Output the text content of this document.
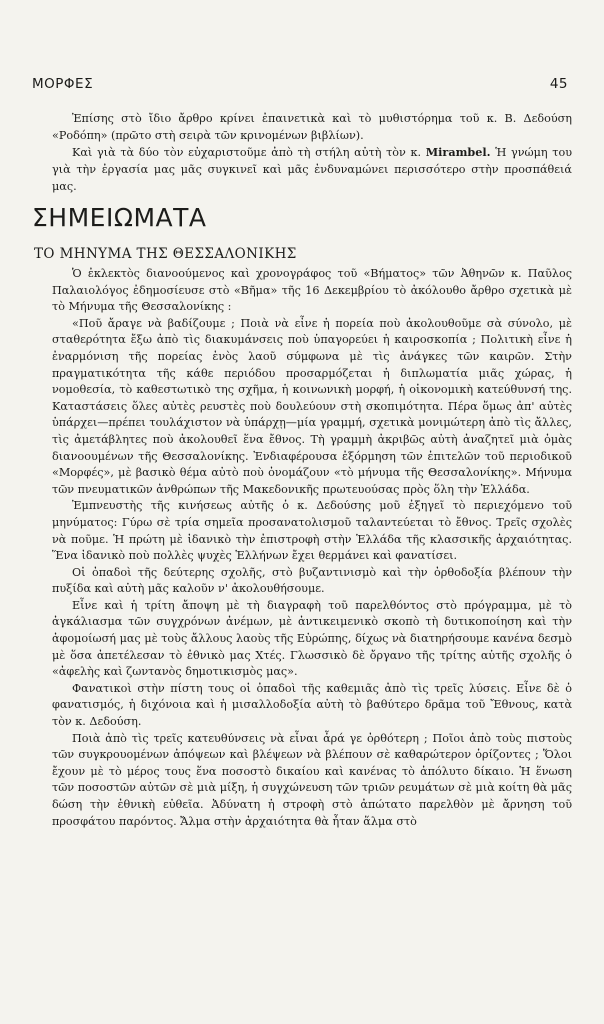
ΜΟΡΦΕΣ	45

Ἐπίσης στὸ ἴδιο ἄρθρο κρίνει ἐπαινετικὰ καὶ τὸ μυθιστόρημα τοῦ κ. Β. Δεδούση «Ροδόπη» (πρῶτο στὴ σειρὰ τῶν κρινομένων βιβλίων).

Καὶ γιὰ τὰ δύο τὸν εὐχαριστοῦμε ἀπὸ τὴ στήλη αὐτὴ τὸν κ. Mirambel. Ἡ γνώμη του γιὰ τὴν ἐργασία μας μᾶς συγκινεῖ καὶ μᾶς ἐνδυναμώνει περισσότερο στὴν προσπάθειά μας.

ΣΗΜΕΙΩΜΑΤΑ
ΤΟ ΜΗΝΥΜΑ ΤΗΣ ΘΕΣΣΑΛΟΝΙΚΗΣ

Ὁ ἐκλεκτὸς διανοούμενος καὶ χρονογράφος τοῦ «Βήματος» τῶν Ἀθηνῶν κ. Παῦλος Παλαιολόγος ἐδημοσίευσε στὸ «Βῆμα» τῆς 16 Δεκεμβρίου τὸ ἀκόλουθο ἄρθρο σχετικὰ μὲ τὸ Μήνυμα τῆς Θεσσαλονίκης :

«Ποῦ ἄραγε νὰ βαδίζουμε ; Ποιὰ νὰ εἶνε ἡ πορεία ποὺ ἀκολουθοῦμε σὰ σύνολο, μὲ σταθερότητα ἔξω ἀπὸ τὶς διακυμάνσεις ποὺ ὑπαγορεύει ἡ καιροσκοπία ; Πολιτικὴ εἶνε ἡ ἐναρμόνιση τῆς πορείας ἑνὸς λαοῦ σύμφωνα μὲ τὶς ἀνάγκες τῶν καιρῶν. Στὴν πραγματικότητα τῆς κάθε περιόδου προσαρμόζεται ἡ διπλωματία μιᾶς χώρας, ἡ νομοθεσία, τὸ καθεστωτικὸ της σχῆμα, ἡ κοινωνικὴ μορφή, ἡ οἰκονομικὴ κατεύθυνσή της. Καταστάσεις ὅλες αὐτὲς ρευστὲς ποὺ δουλεύουν στὴ σκοπιμότητα. Πέρα ὅμως ἀπ' αὐτὲς ὑπάρχει—πρέπει τουλάχιστον νὰ ὑπάρχῃ—μία γραμμή, σχετικὰ μονιμώτερη ἀπὸ τὶς ἄλλες, τὶς ἀμετάβλητες ποὺ ἀκολουθεῖ ἕνα ἔθνος. Τὴ γραμμὴ ἀκριβῶς αὐτὴ ἀναζητεῖ μιὰ ὁμὰς διανοουμένων τῆς Θεσσαλονίκης. Ἐνδιαφέρουσα ἐξόρμηση τῶν ἐπιτελῶν τοῦ περιοδικοῦ «Μορφές», μὲ βασικὸ θέμα αὐτὸ ποὺ ὀνομάζουν «τὸ μήνυμα τῆς Θεσσαλονίκης». Μήνυμα τῶν πνευματικῶν ἀνθρώπων τῆς Μακεδονικῆς πρωτευούσας πρὸς ὅλη τὴν Ἑλλάδα.

Ἐμπνευστὴς τῆς κινήσεως αὐτῆς ὁ κ. Δεδούσης μοῦ ἐξηγεῖ τὸ περιεχόμενο τοῦ μηνύματος: Γύρω σὲ τρία σημεῖα προσανατολισμοῦ ταλαντεύεται τὸ ἔθνος. Τρεῖς σχολὲς νὰ ποῦμε. Ἡ πρώτη μὲ ἰδανικὸ τὴν ἐπιστροφὴ στὴν Ἑλλάδα τῆς κλασσικῆς ἀρχαιότητας. Ἕνα ἰδανικὸ ποὺ πολλὲς ψυχὲς Ἑλλήνων ἔχει θερμάνει καὶ φανατίσει.

Οἱ ὀπαδοὶ τῆς δεύτερης σχολῆς, στὸ βυζαντινισμὸ καὶ τὴν ὀρθοδοξία βλέπουν τὴν πυξίδα καὶ αὐτὴ μᾶς καλοῦν ν' ἀκολουθήσουμε.

Εἶνε καὶ ἡ τρίτη ἄποψη μὲ τὴ διαγραφὴ τοῦ παρελθόντος στὸ πρόγραμμα, μὲ τὸ ἀγκάλιασμα τῶν συγχρόνων ἀνέμων, μὲ ἀντικειμενικὸ σκοπὸ τὴ δυτικοποίηση καὶ τὴν ἀφομοίωσή μας μὲ τοὺς ἄλλους λαοὺς τῆς Εὐρώπης, δίχως νὰ διατηρήσουμε κανένα δεσμὸ μὲ ὅσα ἀπετέλεσαν τὸ ἐθνικὸ μας Χτές. Γλωσσικὸ δὲ ὄργανο τῆς τρίτης αὐτῆς σχολῆς ὁ «ἀφελὴς καὶ ζωντανὸς δημοτικισμὸς μας».

Φανατικοὶ στὴν πίστη τους οἱ ὀπαδοὶ τῆς καθεμιᾶς ἀπὸ τὶς τρεῖς λύσεις. Εἶνε δὲ ὁ φανατισμός, ἡ διχόνοια καὶ ἡ μισαλλοδοξία αὐτὴ τὸ βαθύτερο δρᾶμα τοῦ Ἔθνους, κατὰ τὸν κ. Δεδούση.

Ποιὰ ἀπὸ τὶς τρεῖς κατευθύνσεις νὰ εἶναι ἆρά γε ὀρθότερη ; Ποῖοι ἀπὸ τοὺς πιστοὺς τῶν συγκρουομένων ἀπόψεων καὶ βλέψεων νὰ βλέπουν σὲ καθαρώτερον ὁρίζοντες ; Ὅλοι ἔχουν μὲ τὸ μέρος τους ἕνα ποσοστὸ δικαίου καὶ κανένας τὸ ἀπόλυτο δίκαιο. Ἡ ἕνωση τῶν ποσοστῶν αὐτῶν σὲ μιὰ μίξη, ἡ συγχώνευση τῶν τριῶν ρευμάτων σὲ μιὰ κοίτη θὰ μᾶς δώση τὴν ἐθνικὴ εὐθεῖα. Ἀδύνατη ἡ στροφὴ στὸ ἀπώτατο παρελθὸν μὲ ἄρνηση τοῦ προσφάτου παρόντος. Ἄλμα στὴν ἀρχαιότητα θὰ ἦταν ἅλμα στὸ
